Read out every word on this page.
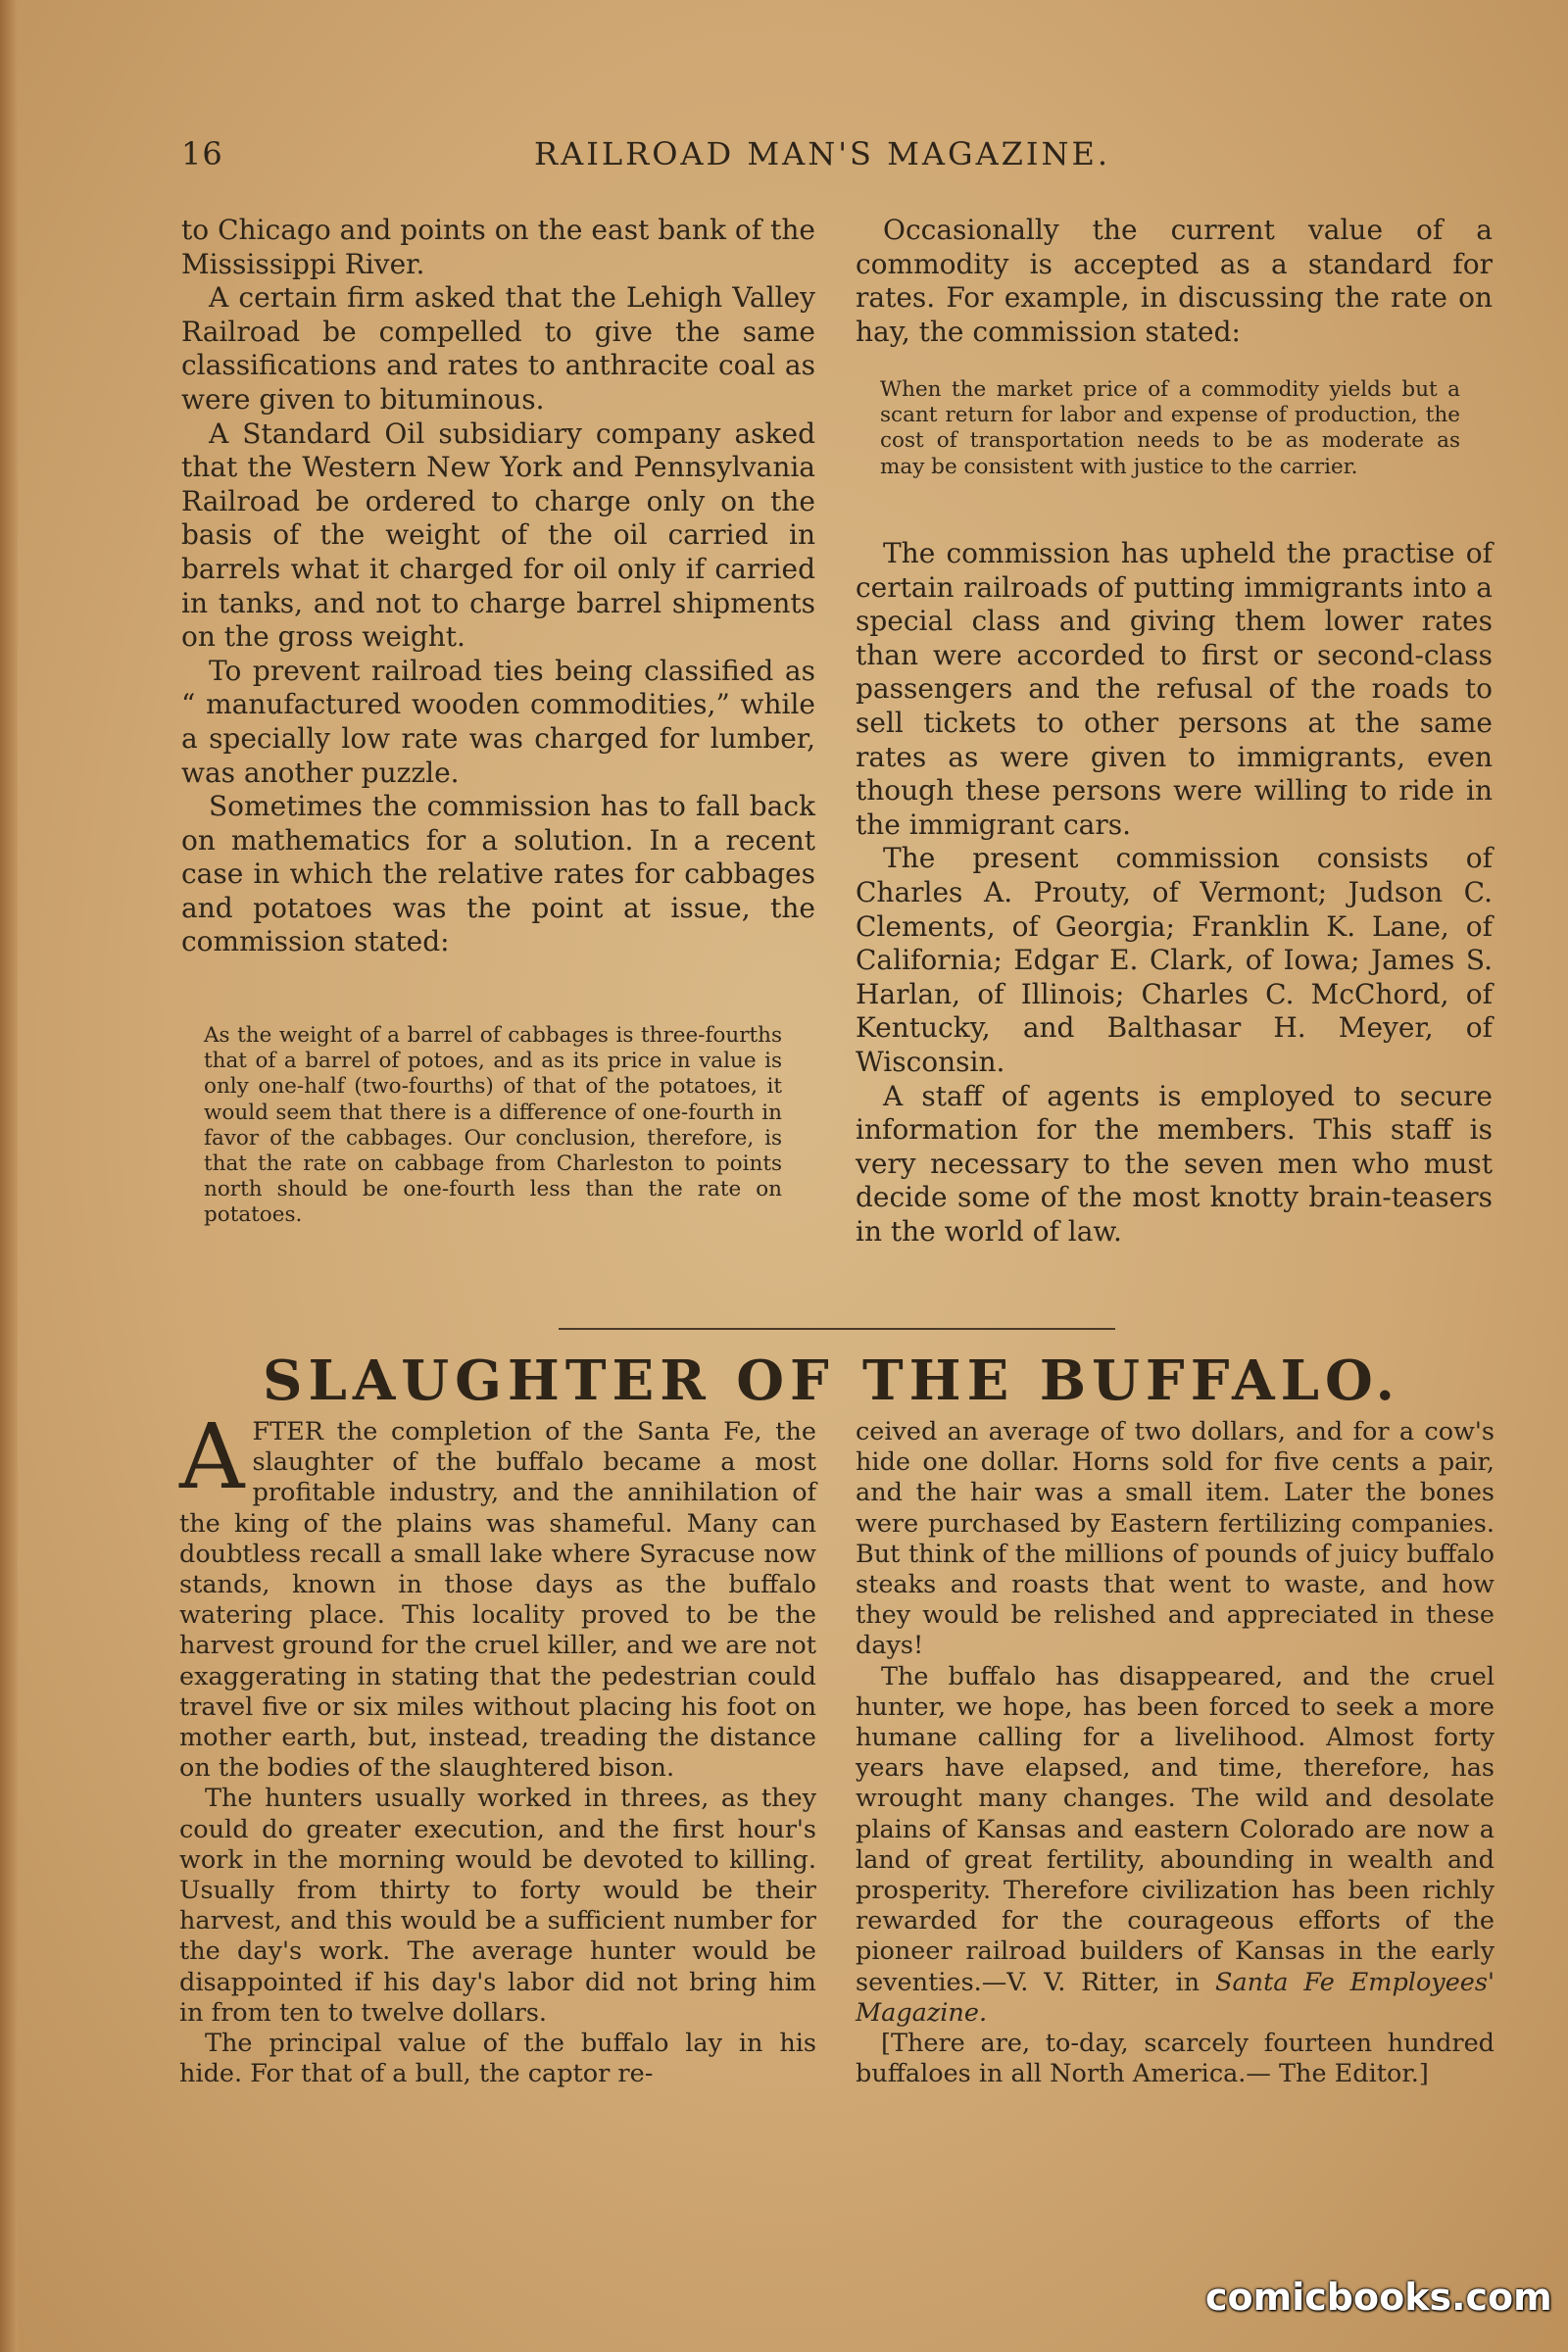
16	RAILROAD MAN'S MAGAZINE.

to Chicago and points on the east bank of the Mississippi River.

A certain firm asked that the Lehigh Valley Railroad be compelled to give the same classifications and rates to anthracite coal as were given to bituminous.

A Standard Oil subsidiary company asked that the Western New York and Pennsylvania Railroad be ordered to charge only on the basis of the weight of the oil carried in barrels what it charged for oil only if carried in tanks, and not to charge barrel shipments on the gross weight.

To prevent railroad ties being classified as “ manufactured wooden commodities,” while a specially low rate was charged for lumber, was another puzzle.

Sometimes the commission has to fall back on mathematics for a solution. In a recent case in which the relative rates for cabbages and potatoes was the point at issue, the commission stated:

As the weight of a barrel of cabbages is three-fourths that of a barrel of potoes, and as its price in value is only one-half (two-fourths) of that of the potatoes, it would seem that there is a difference of one-fourth in favor of the cabbages. Our conclusion, therefore, is that the rate on cabbage from Charleston to points north should be one-fourth less than the rate on potatoes.

Occasionally the current value of a commodity is accepted as a standard for rates. For example, in discussing the rate on hay, the commission stated:

When the market price of a commodity yields but a scant return for labor and expense of production, the cost of transportation needs to be as moderate as may be consistent with justice to the carrier.

The commission has upheld the practise of certain railroads of putting immigrants into a special class and giving them lower rates than were accorded to first or second-class passengers and the refusal of the roads to sell tickets to other persons at the same rates as were given to immigrants, even though these persons were willing to ride in the immigrant cars.

The present commission consists of Charles A. Prouty, of Vermont; Judson C. Clements, of Georgia; Franklin K. Lane, of California; Edgar E. Clark, of Iowa; James S. Harlan, of Illinois; Charles C. McChord, of Kentucky, and Balthasar H. Meyer, of Wisconsin.

A staff of agents is employed to secure information for the members. This staff is very necessary to the seven men who must decide some of the most knotty brain-teasers in the world of law.

SLAUGHTER OF THE BUFFALO.

AFTER the completion of the Santa Fe, the slaughter of the buffalo became a most profitable industry, and the annihilation of the king of the plains was shameful. Many can doubtless recall a small lake where Syracuse now stands, known in those days as the buffalo watering place. This locality proved to be the harvest ground for the cruel killer, and we are not exaggerating in stating that the pedestrian could travel five or six miles without placing his foot on mother earth, but, instead, treading the distance on the bodies of the slaughtered bison.

The hunters usually worked in threes, as they could do greater execution, and the first hour's work in the morning would be devoted to killing. Usually from thirty to forty would be their harvest, and this would be a sufficient number for the day's work. The average hunter would be disappointed if his day's labor did not bring him in from ten to twelve dollars.

The principal value of the buffalo lay in his hide. For that of a bull, the captor re-

ceived an average of two dollars, and for a cow's hide one dollar. Horns sold for five cents a pair, and the hair was a small item. Later the bones were purchased by Eastern fertilizing companies. But think of the millions of pounds of juicy buffalo steaks and roasts that went to waste, and how they would be relished and appreciated in these days!

The buffalo has disappeared, and the cruel hunter, we hope, has been forced to seek a more humane calling for a livelihood. Almost forty years have elapsed, and time, therefore, has wrought many changes. The wild and desolate plains of Kansas and eastern Colorado are now a land of great fertility, abounding in wealth and prosperity. Therefore civilization has been richly rewarded for the courageous efforts of the pioneer railroad builders of Kansas in the early seventies.—V. V. Ritter, in Santa Fe Employees' Magazine.

[There are, to-day, scarcely fourteen hundred buffaloes in all North America.— The Editor.]

comicbooks.com
